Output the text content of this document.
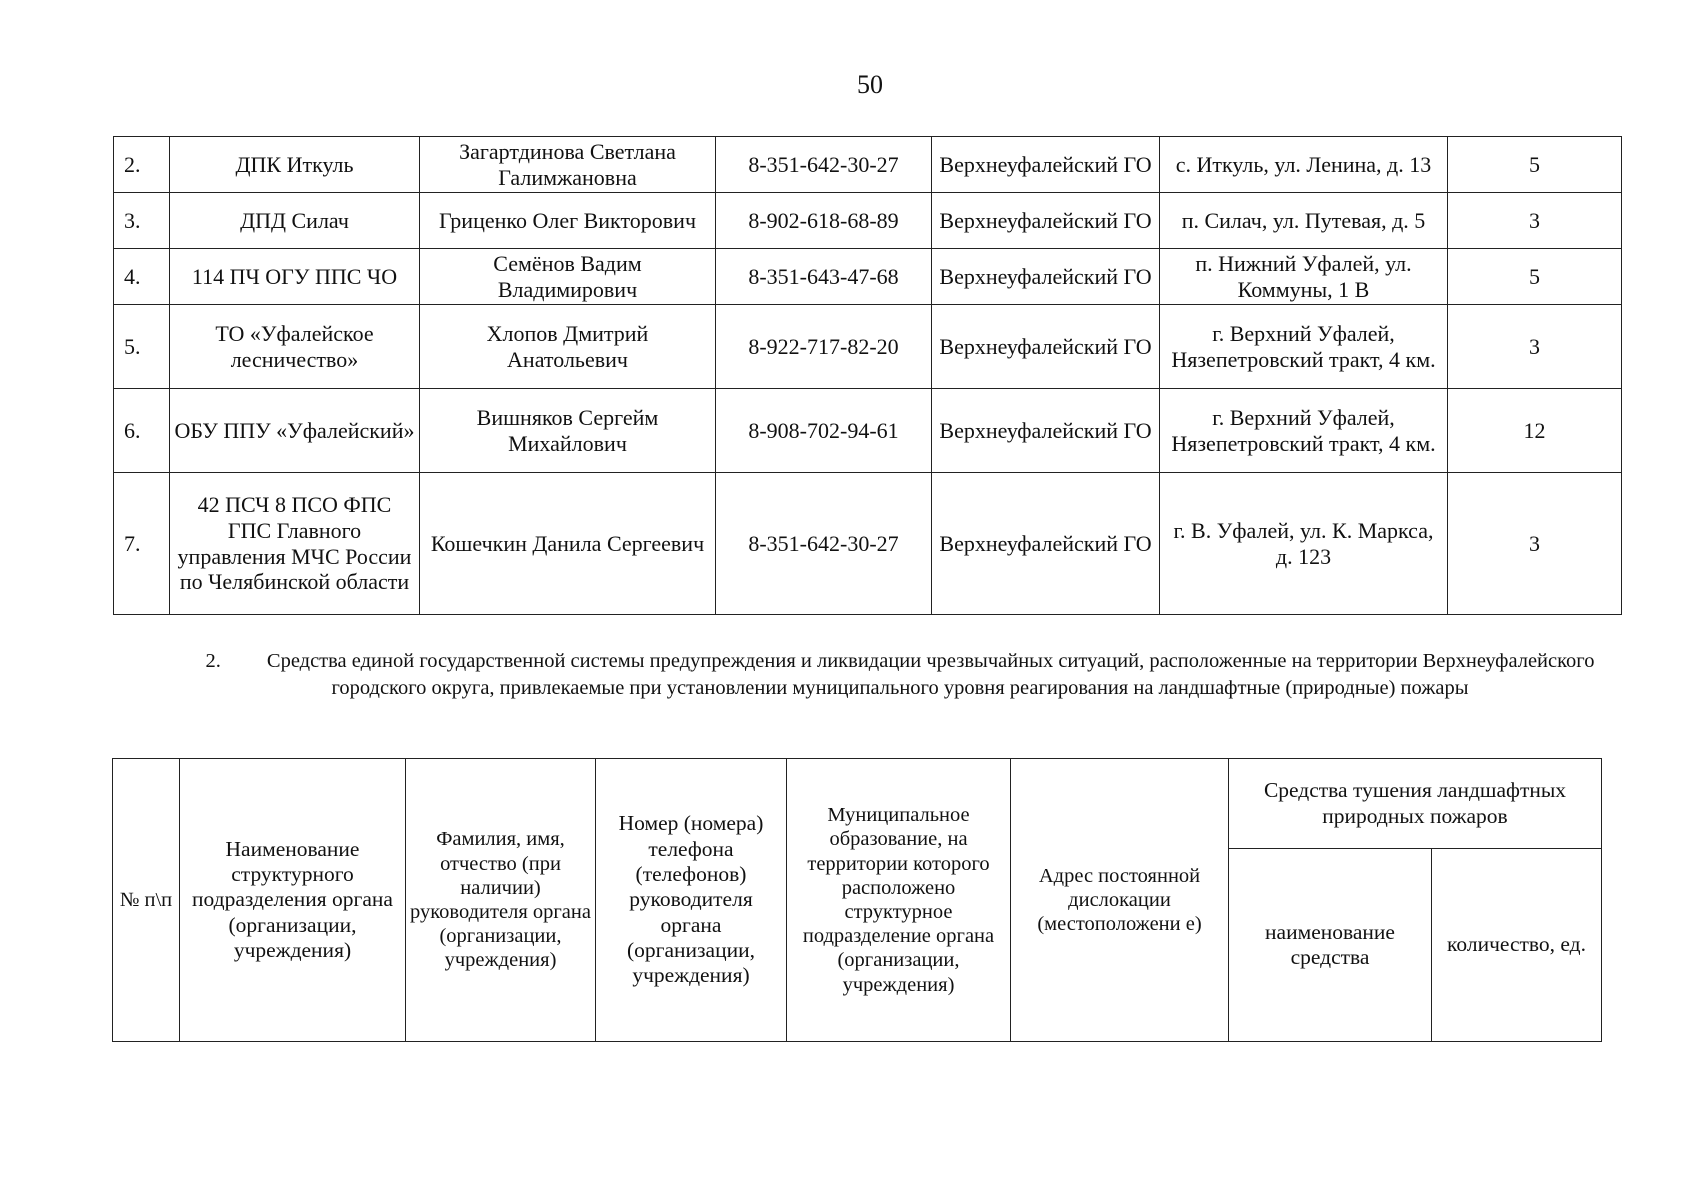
50
2.	ДПК Иткуль	Загартдинова Светлана Галимжановна	8-351-642-30-27	Верхнеуфалейский ГО	с. Иткуль, ул. Ленина, д. 13	5
3.	ДПД Силач	Гриценко Олег Викторович	8-902-618-68-89	Верхнеуфалейский ГО	п. Силач, ул. Путевая, д. 5	3
4.	114 ПЧ ОГУ ППС ЧО	Семёнов Вадим Владимирович	8-351-643-47-68	Верхнеуфалейский ГО	п. Нижний Уфалей, ул. Коммуны, 1 В	5
5.	ТО «Уфалейское лесничество»	Хлопов Дмитрий Анатольевич	8-922-717-82-20	Верхнеуфалейский ГО	г. Верхний Уфалей, Нязепетровский тракт, 4 км.	3
6.	ОБУ ППУ «Уфалейский»	Вишняков Сергейм Михайлович	8-908-702-94-61	Верхнеуфалейский ГО	г. Верхний Уфалей, Нязепетровский тракт, 4 км.	12
7.	42 ПСЧ 8 ПСО ФПС ГПС Главного управления МЧС России по Челябинской области	Кошечкин Данила Сергеевич	8-351-642-30-27	Верхнеуфалейский ГО	г. В. Уфалей, ул. К. Маркса, д. 123	3
2. Средства единой государственной системы предупреждения и ликвидации чрезвычайных ситуаций, расположенные на территории Верхнеуфалейского городского округа, привлекаемые при установлении муниципального уровня реагирования на ландшафтные (природные) пожары
№ п\п	Наименование структурного подразделения органа (организации, учреждения)	Фамилия, имя, отчество (при наличии) руководителя органа (организации, учреждения)	Номер (номера) телефона (телефонов) руководителя органа (организации, учреждения)	Муниципальное образование, на территории которого расположено структурное подразделение органа (организации, учреждения)	Адрес постоянной дислокации (местоположени е)	Средства тушения ландшафтных природных пожаров	
						наименование средства	количество, ед.
